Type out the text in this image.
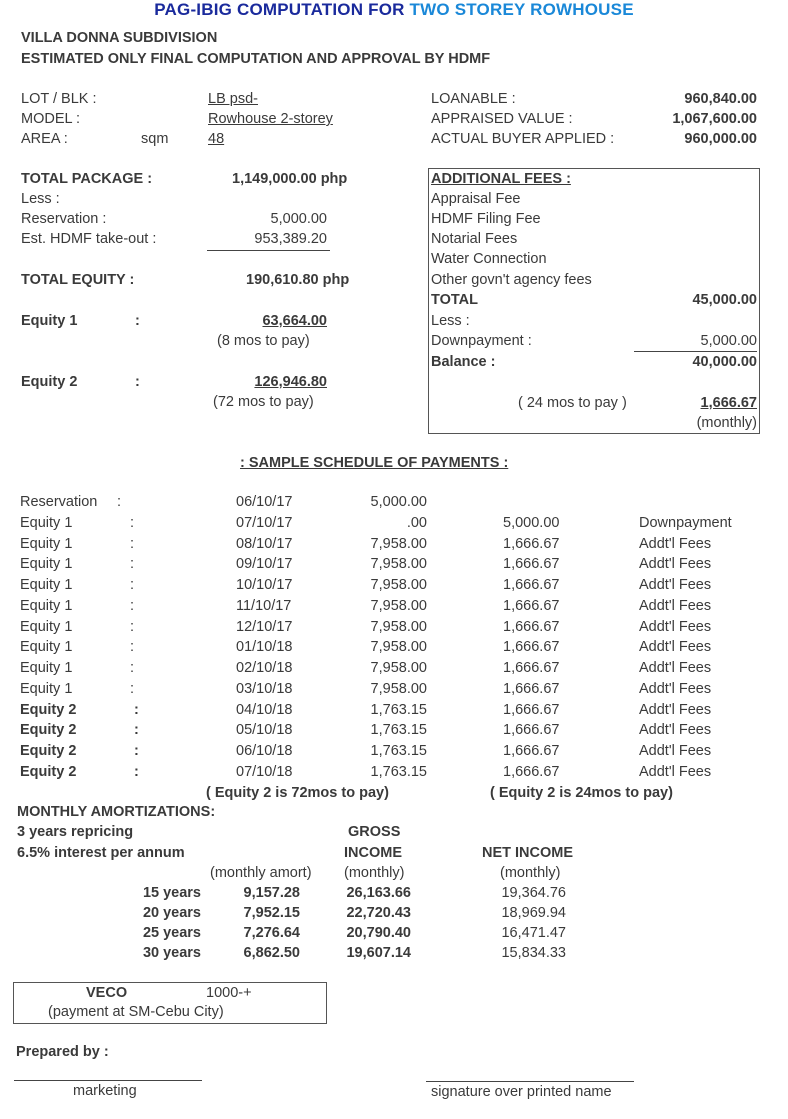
PAG-IBIG COMPUTATION FOR TWO STOREY ROWHOUSE
VILLA DONNA SUBDIVISION
ESTIMATED ONLY FINAL COMPUTATION AND APPROVAL BY HDMF
LOT / BLK :	LB psd-
MODEL :	Rowhouse 2-storey
AREA :	sqm	48
LOANABLE :	960,840.00
APPRAISED VALUE :	1,067,600.00
ACTUAL BUYER APPLIED :	960,000.00
TOTAL PACKAGE :	1,149,000.00 php
Less :
Reservation :	5,000.00
Est. HDMF take-out :	953,389.20
TOTAL EQUITY :	190,610.80 php
Equity 1	:	63,664.00
(8 mos to pay)
Equity 2	:	126,946.80
(72 mos to pay)
ADDITIONAL FEES :
Appraisal Fee
HDMF Filing Fee
Notarial Fees
Water Connection
Other govn't agency fees
TOTAL	45,000.00
Less :
Downpayment :	5,000.00
Balance :	40,000.00
( 24 mos to pay )	1,666.67
(monthly)
: SAMPLE SCHEDULE OF PAYMENTS :
Reservation :	06/10/17	5,000.00
Equity 1	:	07/10/17	.00	5,000.00	Downpayment
Equity 1	:	08/10/17	7,958.00	1,666.67	Addt'l Fees
Equity 1	:	09/10/17	7,958.00	1,666.67	Addt'l Fees
Equity 1	:	10/10/17	7,958.00	1,666.67	Addt'l Fees
Equity 1	:	11/10/17	7,958.00	1,666.67	Addt'l Fees
Equity 1	:	12/10/17	7,958.00	1,666.67	Addt'l Fees
Equity 1	:	01/10/18	7,958.00	1,666.67	Addt'l Fees
Equity 1	:	02/10/18	7,958.00	1,666.67	Addt'l Fees
Equity 1	:	03/10/18	7,958.00	1,666.67	Addt'l Fees
Equity 2	:	04/10/18	1,763.15	1,666.67	Addt'l Fees
Equity 2	:	05/10/18	1,763.15	1,666.67	Addt'l Fees
Equity 2	:	06/10/18	1,763.15	1,666.67	Addt'l Fees
Equity 2	:	07/10/18	1,763.15	1,666.67	Addt'l Fees
( Equity 2 is 72mos to pay)	( Equity 2 is 24mos to pay)
MONTHLY AMORTIZATIONS:
3 years repricing
6.5% interest per annum
GROSS
INCOME
(monthly)
NET INCOME
(monthly)
(monthly amort)
15 years	9,157.28	26,163.66	19,364.76
20 years	7,952.15	22,720.43	18,969.94
25 years	7,276.64	20,790.40	16,471.47
30 years	6,862.50	19,607.14	15,834.33
VECO	1000-+
(payment at SM-Cebu City)
Prepared by :
marketing	signature over printed name
